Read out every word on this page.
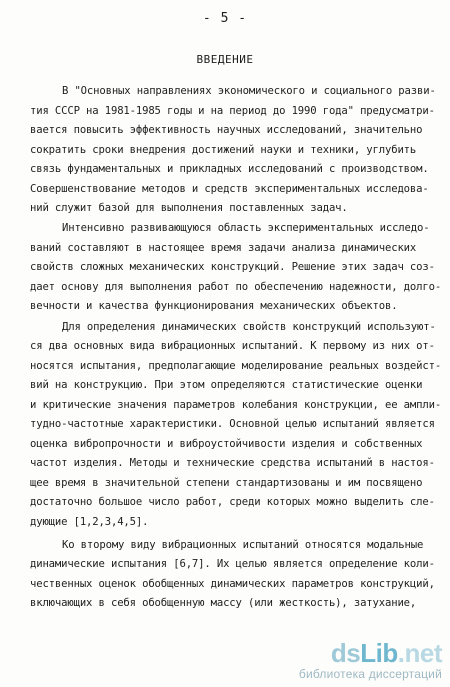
- 5 -
ВВЕДЕНИЕ
В "Основных направлениях экономического и социального разви-
тия СССР на 1981-1985 годы и на период до 1990 года" предусматри-
вается повысить эффективность научных исследований, значительно
сократить сроки внедрения достижений науки и техники, углубить
связь фундаментальных и прикладных исследований с производством.
Совершенствование методов и средств экспериментальных исследова-
ний служит базой для выполнения поставленных задач.
Интенсивно развивающуюся область экспериментальных исследо-
ваний составляют в настоящее время задачи анализа динамических
свойств сложных механических конструкций. Решение этих задач соз-
дает основу для выполнения работ по обеспечению надежности, долго-
вечности и качества функционирования механических объектов.
Для определения динамических свойств конструкций используют-
ся два основных вида вибрационных испытаний. К первому из них от-
носятся испытания, предполагающие моделирование реальных воздейст-
вий на конструкцию. При этом определяются статистические оценки
и критические значения параметров колебания конструкции, ее ампли-
тудно-частотные характеристики. Основной целью испытаний является
оценка вибропрочности и виброустойчивости изделия и собственных
частот изделия. Методы и технические средства испытаний в настоя-
щее время в значительной степени стандартизованы и им посвящено
достаточно большое число работ, среди которых можно выделить сле-
дующие [1,2,3,4,5].
Ко второму виду вибрационных испытаний относятся модальные
динамические испытания [6,7]. Их целью является определение коли-
чественных оценок обобщенных динамических параметров конструкций,
включающих в себя обобщенную массу (или жесткость), затухание,
dsLib.net
библиотека диссертаций
